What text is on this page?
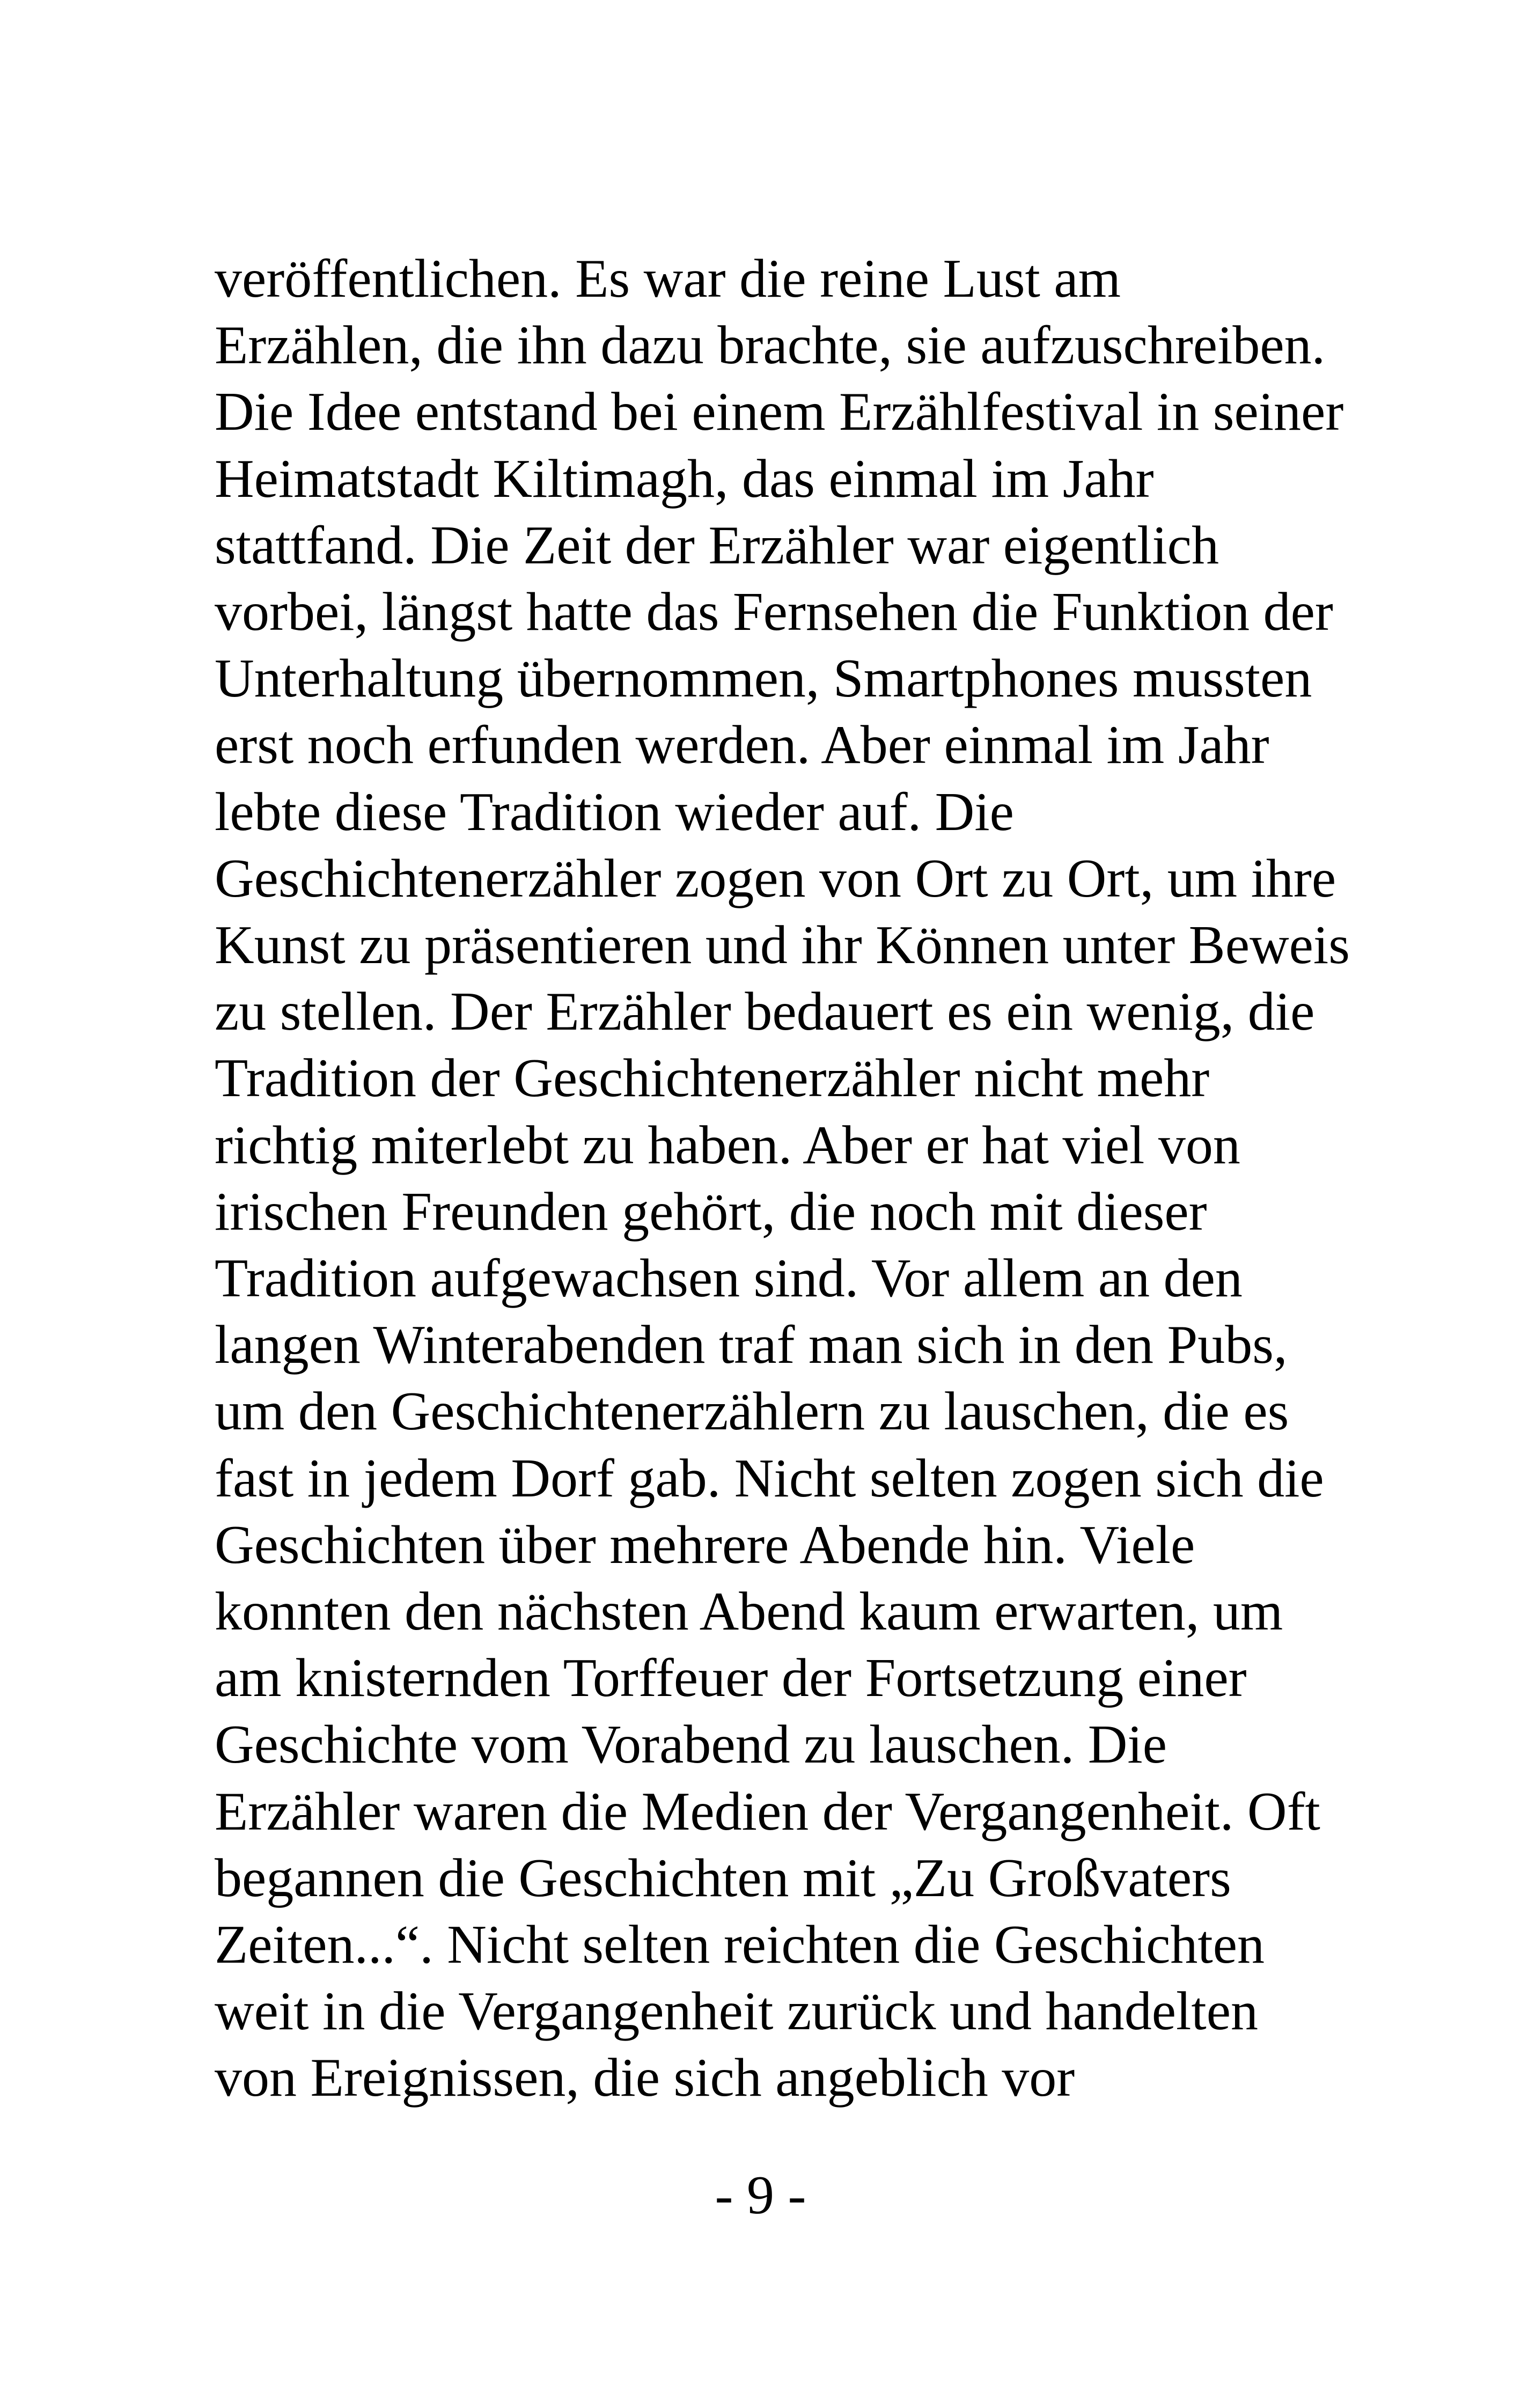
veröffentlichen. Es war die reine Lust am
Erzählen, die ihn dazu brachte, sie aufzuschreiben.
Die Idee entstand bei einem Erzählfestival in seiner
Heimatstadt Kiltimagh, das einmal im Jahr
stattfand. Die Zeit der Erzähler war eigentlich
vorbei, längst hatte das Fernsehen die Funktion der
Unterhaltung übernommen, Smartphones mussten
erst noch erfunden werden. Aber einmal im Jahr
lebte diese Tradition wieder auf. Die
Geschichtenerzähler zogen von Ort zu Ort, um ihre
Kunst zu präsentieren und ihr Können unter Beweis
zu stellen. Der Erzähler bedauert es ein wenig, die
Tradition der Geschichtenerzähler nicht mehr
richtig miterlebt zu haben. Aber er hat viel von
irischen Freunden gehört, die noch mit dieser
Tradition aufgewachsen sind. Vor allem an den
langen Winterabenden traf man sich in den Pubs,
um den Geschichtenerzählern zu lauschen, die es
fast in jedem Dorf gab. Nicht selten zogen sich die
Geschichten über mehrere Abende hin. Viele
konnten den nächsten Abend kaum erwarten, um
am knisternden Torffeuer der Fortsetzung einer
Geschichte vom Vorabend zu lauschen. Die
Erzähler waren die Medien der Vergangenheit. Oft
begannen die Geschichten mit „Zu Großvaters
Zeiten...“. Nicht selten reichten die Geschichten
weit in die Vergangenheit zurück und handelten
von Ereignissen, die sich angeblich vor
- 9 -
